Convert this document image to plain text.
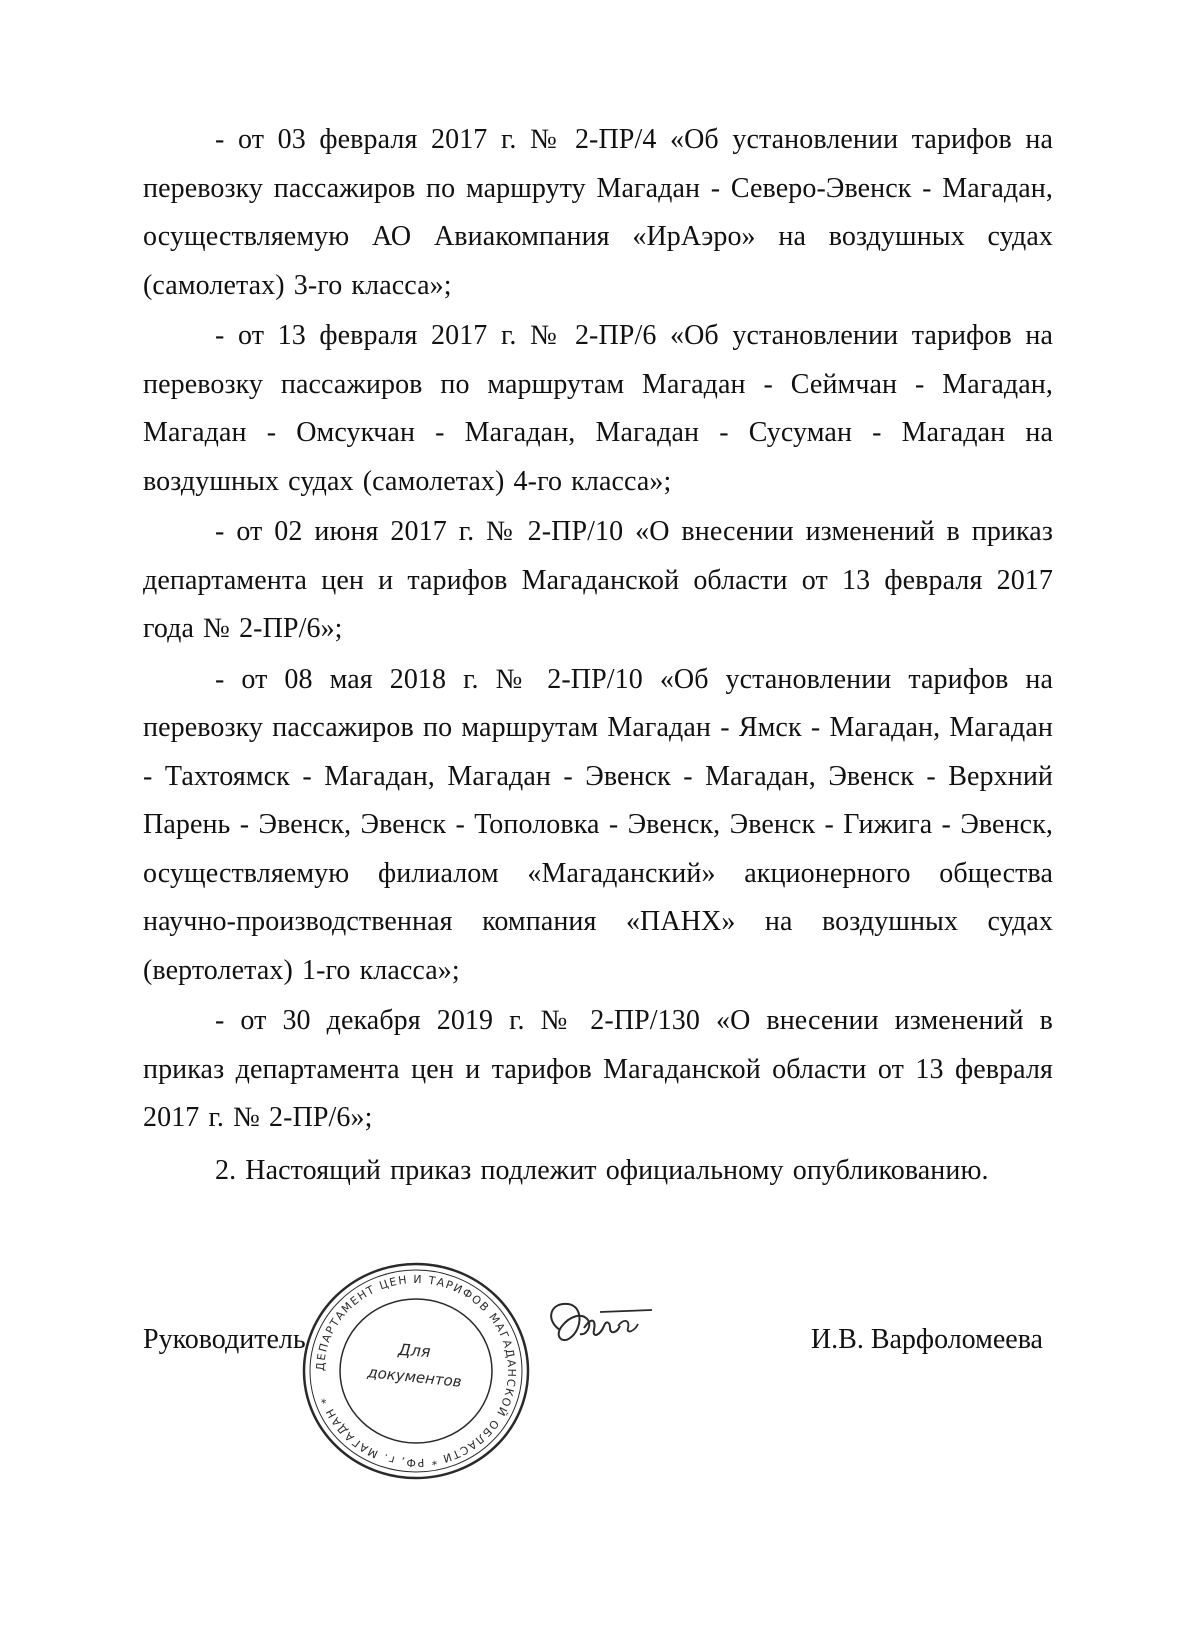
- от 03 февраля 2017 г. № 2-ПР/4 «Об установлении тарифов на перевозку пассажиров по маршруту Магадан - Северо-Эвенск - Магадан, осуществляемую АО Авиакомпания «ИрАэро» на воздушных судах (самолетах) 3-го класса»;

- от 13 февраля 2017 г. № 2-ПР/6 «Об установлении тарифов на перевозку пассажиров по маршрутам Магадан - Сеймчан - Магадан, Магадан - Омсукчан - Магадан, Магадан - Сусуман - Магадан на воздушных судах (самолетах) 4-го класса»;

- от 02 июня 2017 г. № 2-ПР/10 «О внесении изменений в приказ департамента цен и тарифов Магаданской области от 13 февраля 2017 года № 2-ПР/6»;

- от 08 мая 2018 г. № 2-ПР/10 «Об установлении тарифов на перевозку пассажиров по маршрутам Магадан - Ямск - Магадан, Магадан - Тахтоямск - Магадан, Магадан - Эвенск - Магадан, Эвенск - Верхний Парень - Эвенск, Эвенск - Тополовка - Эвенск, Эвенск - Гижига - Эвенск, осуществляемую филиалом «Магаданский» акционерного общества научно-производственная компания «ПАНХ» на воздушных судах (вертолетах) 1-го класса»;

- от 30 декабря 2019 г. № 2-ПР/130 «О внесении изменений в приказ департамента цен и тарифов Магаданской области от 13 февраля 2017 г. № 2-ПР/6»;

2. Настоящий приказ подлежит официальному опубликованию.

Руководитель	И.В. Варфоломеева

ДЕПАРТАМЕНТ ЦЕН И ТАРИФОВ МАГАДАНСКОЙ ОБЛАСТИ * РФ, г. МАГАДАН *
Для
документов
